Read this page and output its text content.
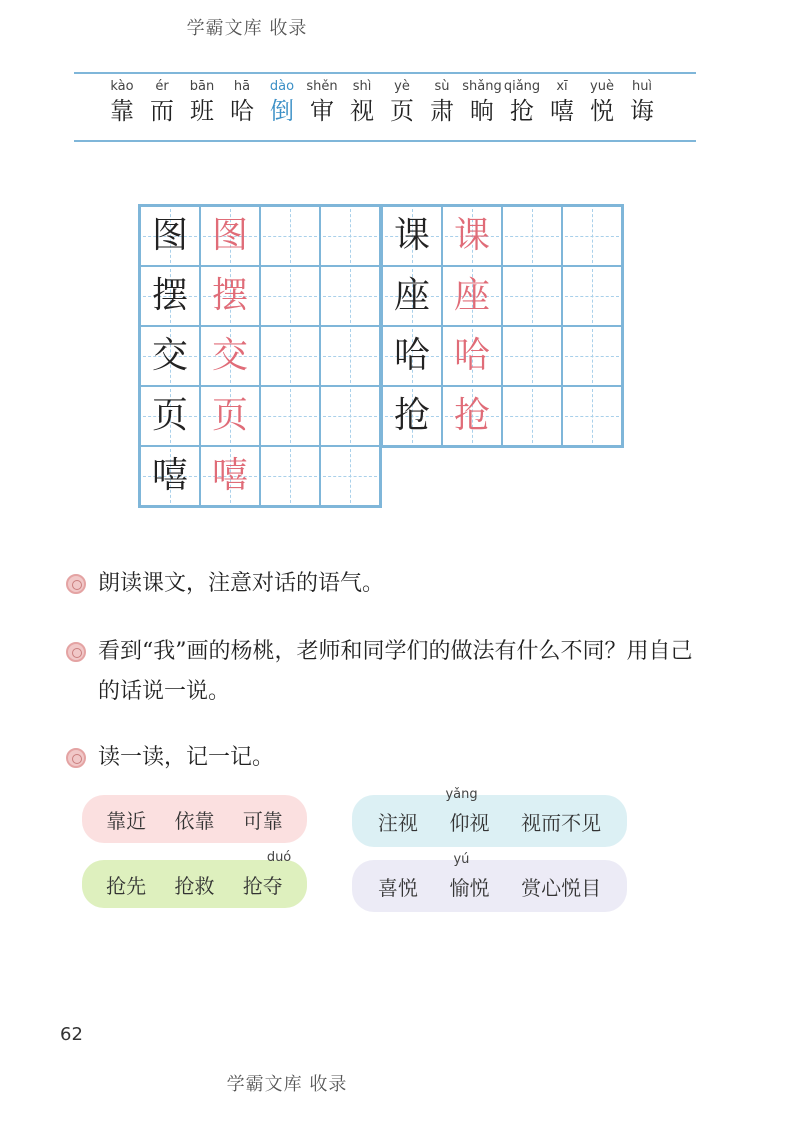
学霸文库 收录
kào
靠
ér
而
bān
班
hā
哈
dào
倒
shěn
审
shì
视
yè
页
sù
肃
shǎng
晌
qiǎng
抢
xī
嘻
yuè
悦
huì
诲
图 图
摆 摆
交 交
页 页
嘻 嘻
课 课
座 座
哈 哈
抢 抢
朗读课文，注意对话的语气。
看到“我”画的杨桃，老师和同学们的做法有什么不同？用自己的话说一说。
读一读，记一记。
靠近 依靠 可靠
抢先 抢救
duó
抢夺
注视
yǎng
仰视 视而不见
喜悦
yú
愉悦 赏心悦目
62
学霸文库 收录
